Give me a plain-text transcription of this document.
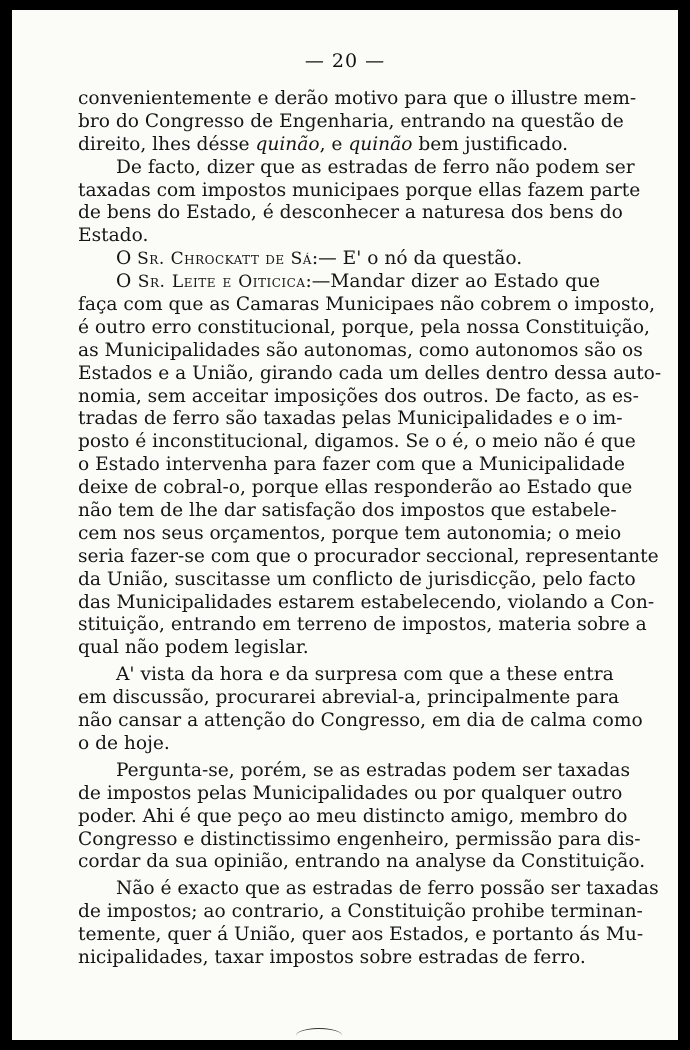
— 20 —
convenientemente e derão motivo para que o illustre mem-
bro do Congresso de Engenharia, entrando na questão de
direito, lhes désse quinão, e quinão bem justificado.
De facto, dizer que as estradas de ferro não podem ser
taxadas com impostos municipaes porque ellas fazem parte
de bens do Estado, é desconhecer a naturesa dos bens do
Estado.
O Sr. Chrockatt de Sá:— E' o nó da questão.
O Sr. Leite e Oiticica:—Mandar dizer ao Estado que
faça com que as Camaras Municipaes não cobrem o imposto,
é outro erro constitucional, porque, pela nossa Constituição,
as Municipalidades são autonomas, como autonomos são os
Estados e a União, girando cada um delles dentro dessa auto-
nomia, sem acceitar imposições dos outros. De facto, as es-
tradas de ferro são taxadas pelas Municipalidades e o im-
posto é inconstitucional, digamos. Se o é, o meio não é que
o Estado intervenha para fazer com que a Municipalidade
deixe de cobral-o, porque ellas responderão ao Estado que
não tem de lhe dar satisfação dos impostos que estabele-
cem nos seus orçamentos, porque tem autonomia; o meio
seria fazer-se com que o procurador seccional, representante
da União, suscitasse um conflicto de jurisdicção, pelo facto
das Municipalidades estarem estabelecendo, violando a Con-
stituição, entrando em terreno de impostos, materia sobre a
qual não podem legislar.
A' vista da hora e da surpresa com que a these entra
em discussão, procurarei abrevial-a, principalmente para
não cansar a attenção do Congresso, em dia de calma como
o de hoje.
Pergunta-se, porém, se as estradas podem ser taxadas
de impostos pelas Municipalidades ou por qualquer outro
poder. Ahi é que peço ao meu distincto amigo, membro do
Congresso e distinctissimo engenheiro, permissão para dis-
cordar da sua opinião, entrando na analyse da Constituição.
Não é exacto que as estradas de ferro possão ser taxadas
de impostos; ao contrario, a Constituição prohibe terminan-
temente, quer á União, quer aos Estados, e portanto ás Mu-
nicipalidades, taxar impostos sobre estradas de ferro.
